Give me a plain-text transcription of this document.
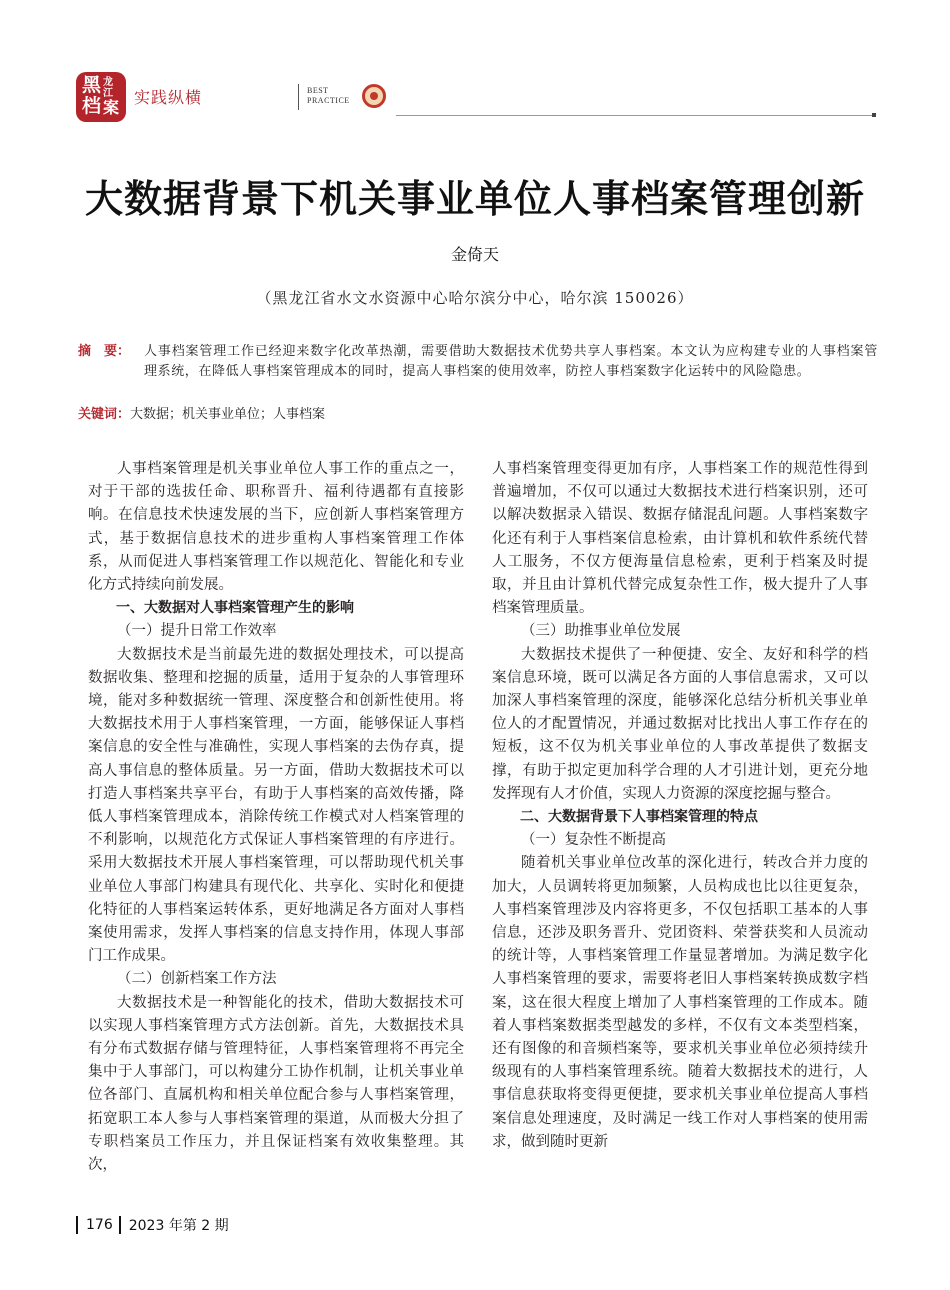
黑 龙江
档 案
实践纵横	BEST
PRACTICE
大数据背景下机关事业单位人事档案管理创新
金倚天
（黑龙江省水文水资源中心哈尔滨分中心，哈尔滨 150026）
摘　要： 人事档案管理工作已经迎来数字化改革热潮，需要借助大数据技术优势共享人事档案。本文认为应构建专业的人事档案管理系统，在降低人事档案管理成本的同时，提高人事档案的使用效率，防控人事档案数字化运转中的风险隐患。
关键词：大数据；机关事业单位；人事档案

人事档案管理是机关事业单位人事工作的重点之一，对于干部的选拔任命、职称晋升、福利待遇都有直接影响。在信息技术快速发展的当下，应创新人事档案管理方式，基于数据信息技术的进步重构人事档案管理工作体系，从而促进人事档案管理工作以规范化、智能化和专业化方式持续向前发展。

一、大数据对人事档案管理产生的影响

（一）提升日常工作效率

大数据技术是当前最先进的数据处理技术，可以提高数据收集、整理和挖掘的质量，适用于复杂的人事管理环境，能对多种数据统一管理、深度整合和创新性使用。将大数据技术用于人事档案管理，一方面，能够保证人事档案信息的安全性与准确性，实现人事档案的去伪存真，提高人事信息的整体质量。另一方面，借助大数据技术可以打造人事档案共享平台，有助于人事档案的高效传播，降低人事档案管理成本，消除传统工作模式对人档案管理的不利影响，以规范化方式保证人事档案管理的有序进行。采用大数据技术开展人事档案管理，可以帮助现代机关事业单位人事部门构建具有现代化、共享化、实时化和便捷化特征的人事档案运转体系，更好地满足各方面对人事档案使用需求，发挥人事档案的信息支持作用，体现人事部门工作成果。

（二）创新档案工作方法

大数据技术是一种智能化的技术，借助大数据技术可以实现人事档案管理方式方法创新。首先，大数据技术具有分布式数据存储与管理特征，人事档案管理将不再完全集中于人事部门，可以构建分工协作机制，让机关事业单位各部门、直属机构和相关单位配合参与人事档案管理，拓宽职工本人参与人事档案管理的渠道，从而极大分担了专职档案员工作压力，并且保证档案有效收集整理。其次，

人事档案管理变得更加有序，人事档案工作的规范性得到普遍增加，不仅可以通过大数据技术进行档案识别，还可以解决数据录入错误、数据存储混乱问题。人事档案数字化还有利于人事档案信息检索，由计算机和软件系统代替人工服务，不仅方便海量信息检索，更利于档案及时提取，并且由计算机代替完成复杂性工作，极大提升了人事档案管理质量。

（三）助推事业单位发展

大数据技术提供了一种便捷、安全、友好和科学的档案信息环境，既可以满足各方面的人事信息需求，又可以加深人事档案管理的深度，能够深化总结分析机关事业单位人的才配置情况，并通过数据对比找出人事工作存在的短板，这不仅为机关事业单位的人事改革提供了数据支撑，有助于拟定更加科学合理的人才引进计划，更充分地发挥现有人才价值，实现人力资源的深度挖掘与整合。

二、大数据背景下人事档案管理的特点

（一）复杂性不断提高

随着机关事业单位改革的深化进行，转改合并力度的加大，人员调转将更加频繁，人员构成也比以往更复杂，人事档案管理涉及内容将更多，不仅包括职工基本的人事信息，还涉及职务晋升、党团资料、荣誉获奖和人员流动的统计等，人事档案管理工作量显著增加。为满足数字化人事档案管理的要求，需要将老旧人事档案转换成数字档案，这在很大程度上增加了人事档案管理的工作成本。随着人事档案数据类型越发的多样，不仅有文本类型档案，还有图像的和音频档案等，要求机关事业单位必须持续升级现有的人事档案管理系统。随着大数据技术的进行，人事信息获取将变得更便捷，要求机关事业单位提高人事档案信息处理速度，及时满足一线工作对人事档案的使用需求，做到随时更新

176 2023 年第 2 期
